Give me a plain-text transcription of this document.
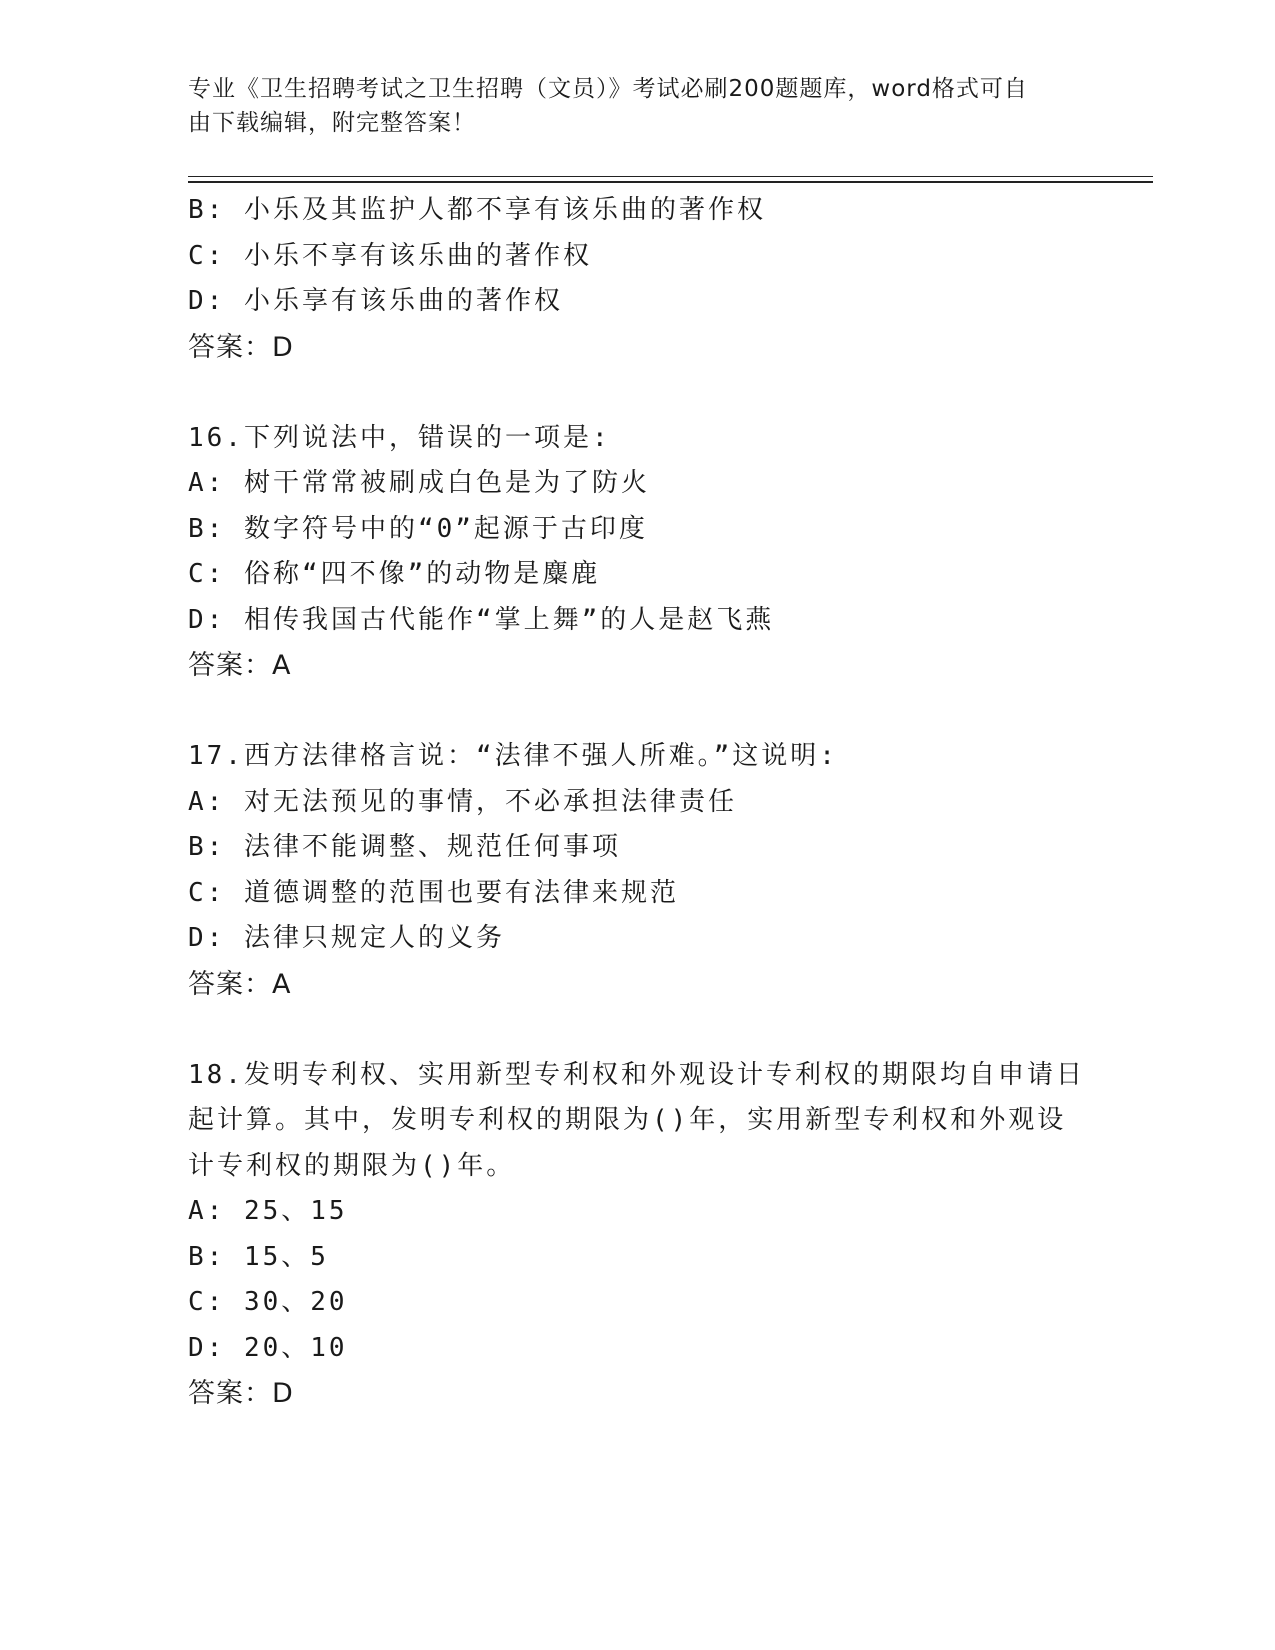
专业《卫生招聘考试之卫生招聘（文员）》考试必刷200题题库，word格式可自
由下载编辑，附完整答案！
B: 小乐及其监护人都不享有该乐曲的著作权
C: 小乐不享有该乐曲的著作权
D: 小乐享有该乐曲的著作权
答案：D
16.下列说法中，错误的一项是:
A: 树干常常被刷成白色是为了防火
B: 数字符号中的“0”起源于古印度
C: 俗称“四不像”的动物是麋鹿
D: 相传我国古代能作“掌上舞”的人是赵飞燕
答案：A
17.西方法律格言说：“法律不强人所难。”这说明:
A: 对无法预见的事情，不必承担法律责任
B: 法律不能调整、规范任何事项
C: 道德调整的范围也要有法律来规范
D: 法律只规定人的义务
答案：A
18.发明专利权、实用新型专利权和外观设计专利权的期限均自申请日
起计算。其中，发明专利权的期限为()年，实用新型专利权和外观设
计专利权的期限为()年。
A: 25、15
B: 15、5
C: 30、20
D: 20、10
答案：D
